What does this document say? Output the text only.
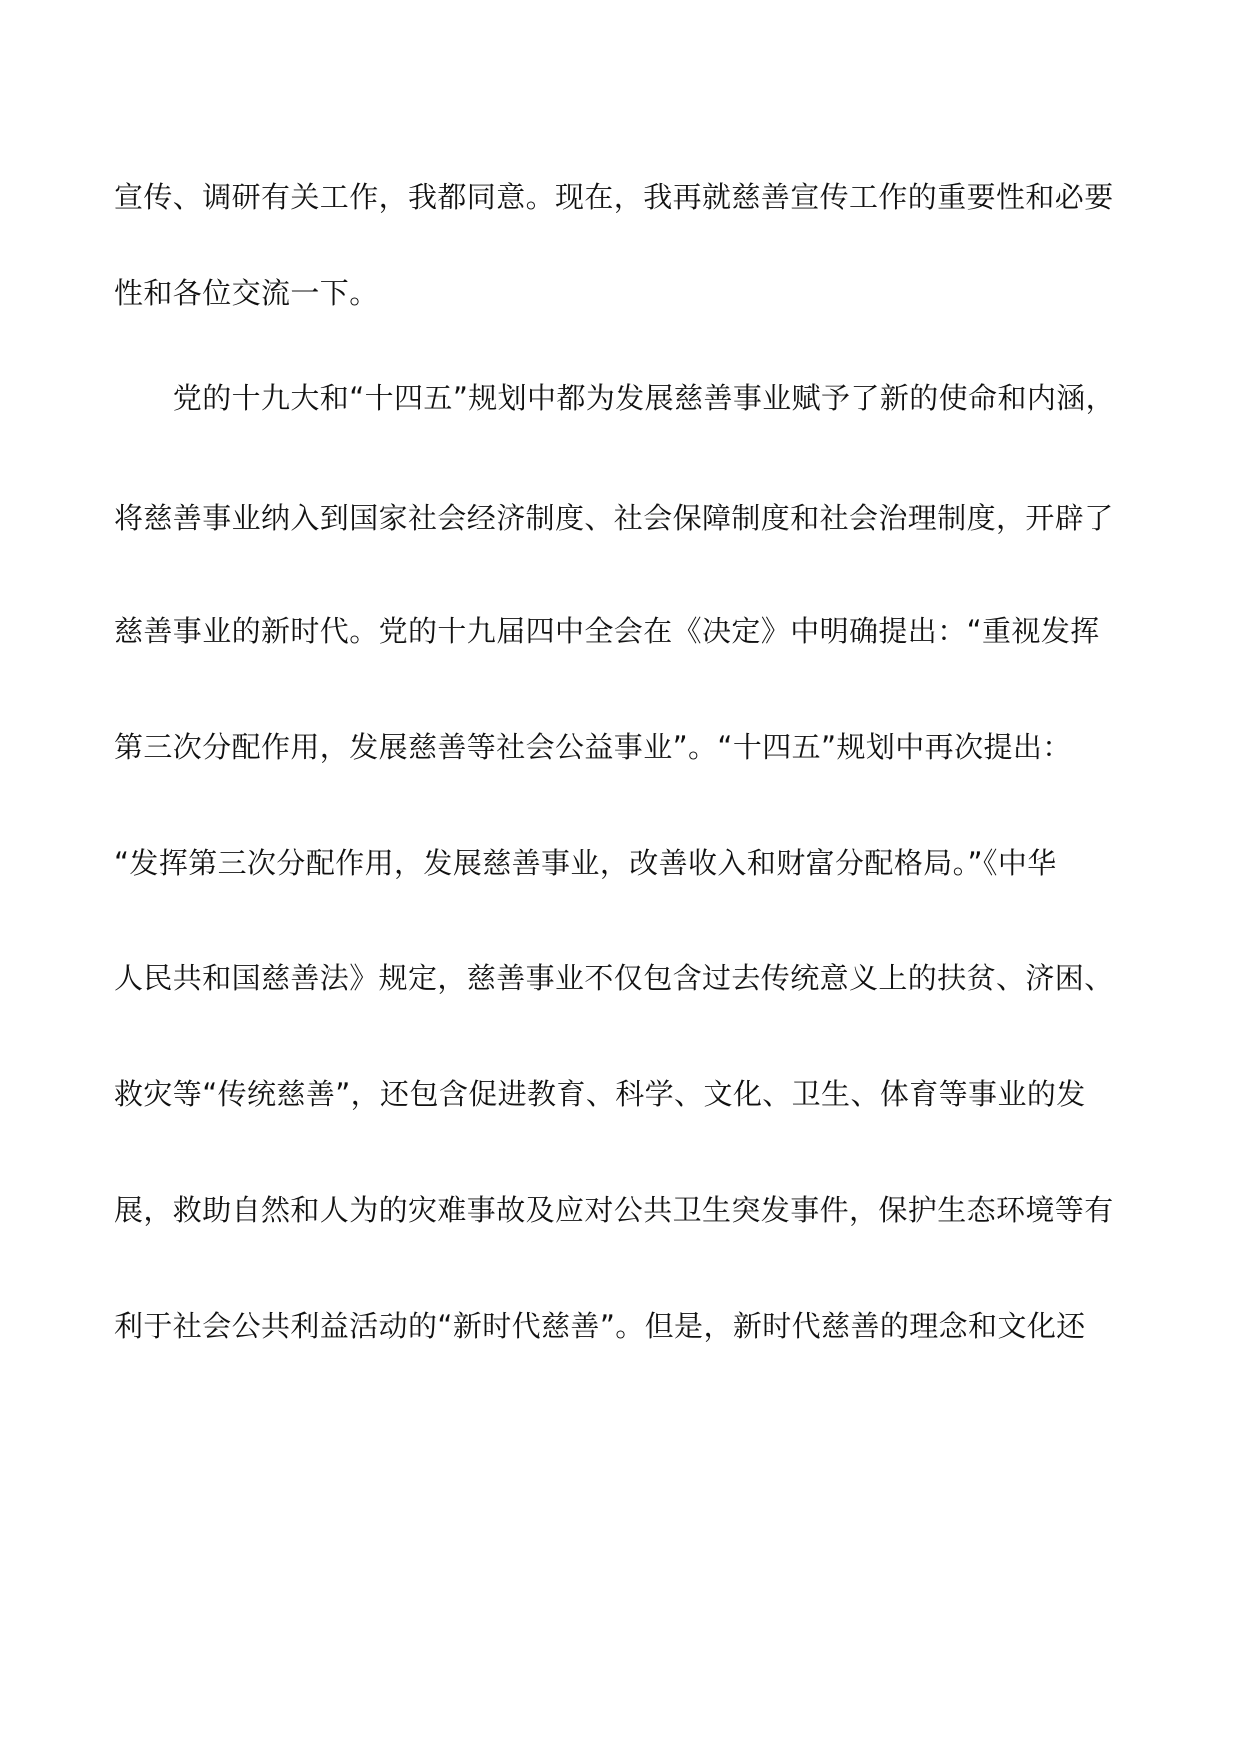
宣传、调研有关工作，我都同意。现在，我再就慈善宣传工作的重要性和必要
性和各位交流一下。
　　党的十九大和“十四五”规划中都为发展慈善事业赋予了新的使命和内涵，
将慈善事业纳入到国家社会经济制度、社会保障制度和社会治理制度，开辟了
慈善事业的新时代。党的十九届四中全会在《决定》中明确提出：“重视发挥
第三次分配作用，发展慈善等社会公益事业”。“十四五”规划中再次提出：
“发挥第三次分配作用，发展慈善事业，改善收入和财富分配格局。”《中华
人民共和国慈善法》规定，慈善事业不仅包含过去传统意义上的扶贫、济困、
救灾等“传统慈善”，还包含促进教育、科学、文化、卫生、体育等事业的发
展，救助自然和人为的灾难事故及应对公共卫生突发事件，保护生态环境等有
利于社会公共利益活动的“新时代慈善”。但是，新时代慈善的理念和文化还
